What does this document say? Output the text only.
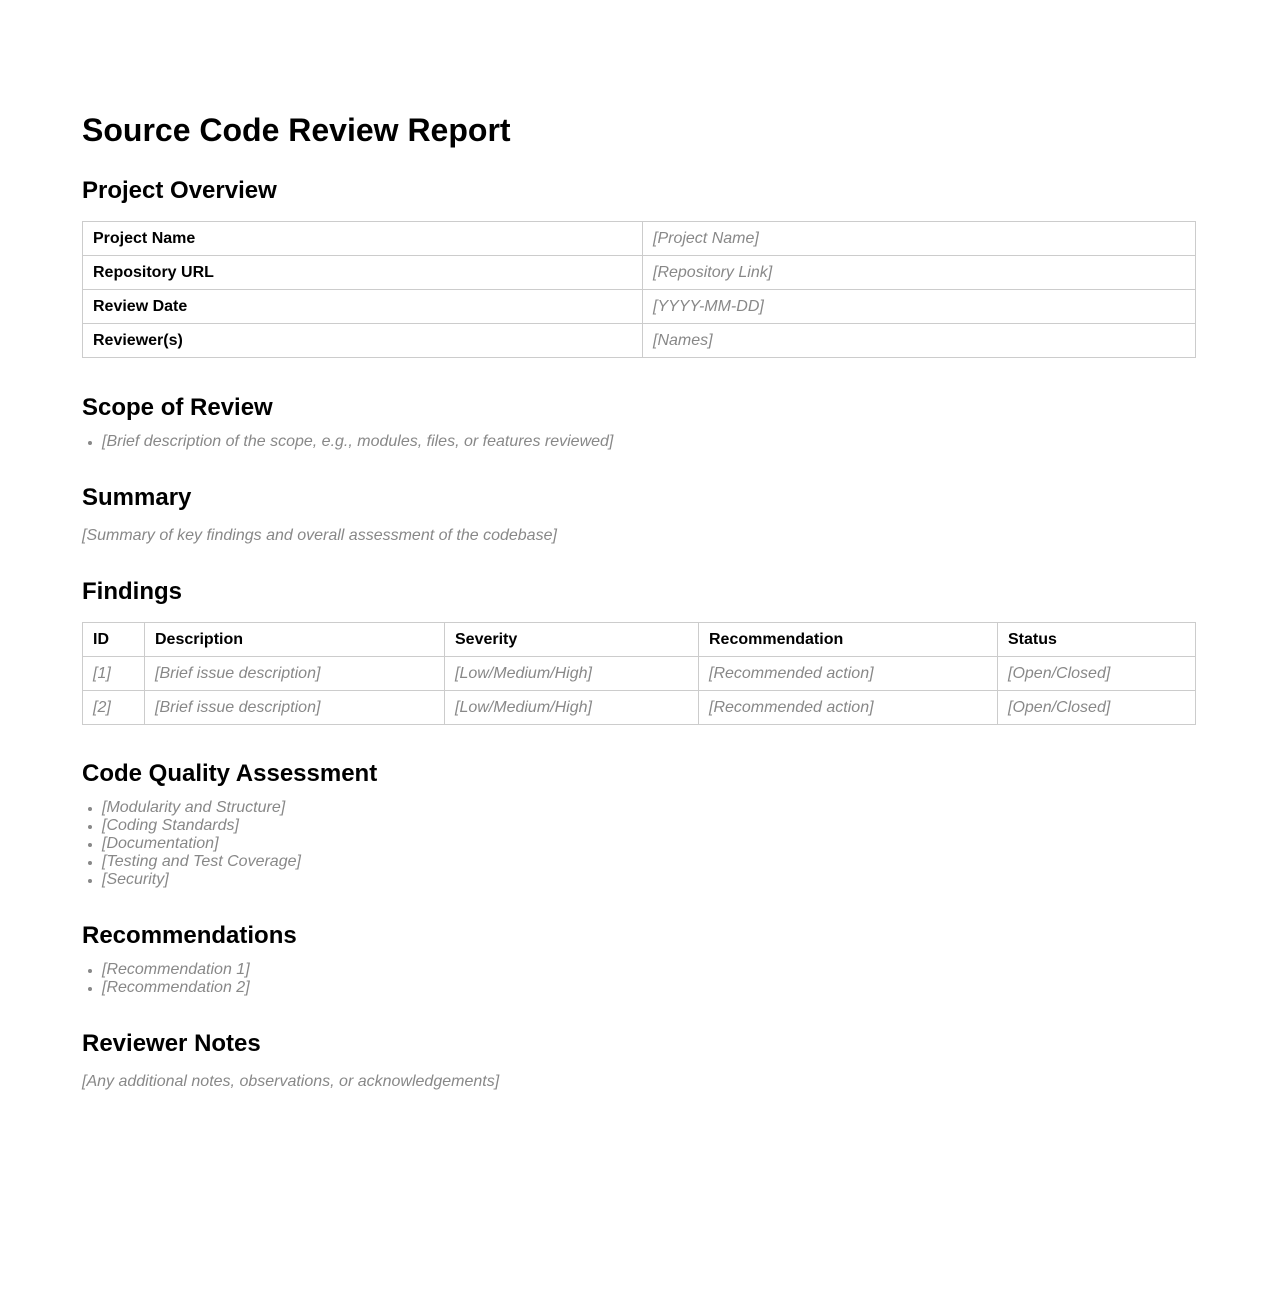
Source Code Review Report
Project Overview
Project Name	[Project Name]
Repository URL	[Repository Link]
Review Date	[YYYY-MM-DD]
Reviewer(s)	[Names]
Scope of Review
• [Brief description of the scope, e.g., modules, files, or features reviewed]
Summary
[Summary of key findings and overall assessment of the codebase]
Findings
ID	Description	Severity	Recommendation	Status
[1]	[Brief issue description]	[Low/Medium/High]	[Recommended action]	[Open/Closed]
[2]	[Brief issue description]	[Low/Medium/High]	[Recommended action]	[Open/Closed]
Code Quality Assessment
• [Modularity and Structure]
• [Coding Standards]
• [Documentation]
• [Testing and Test Coverage]
• [Security]
Recommendations
• [Recommendation 1]
• [Recommendation 2]
Reviewer Notes
[Any additional notes, observations, or acknowledgements]
